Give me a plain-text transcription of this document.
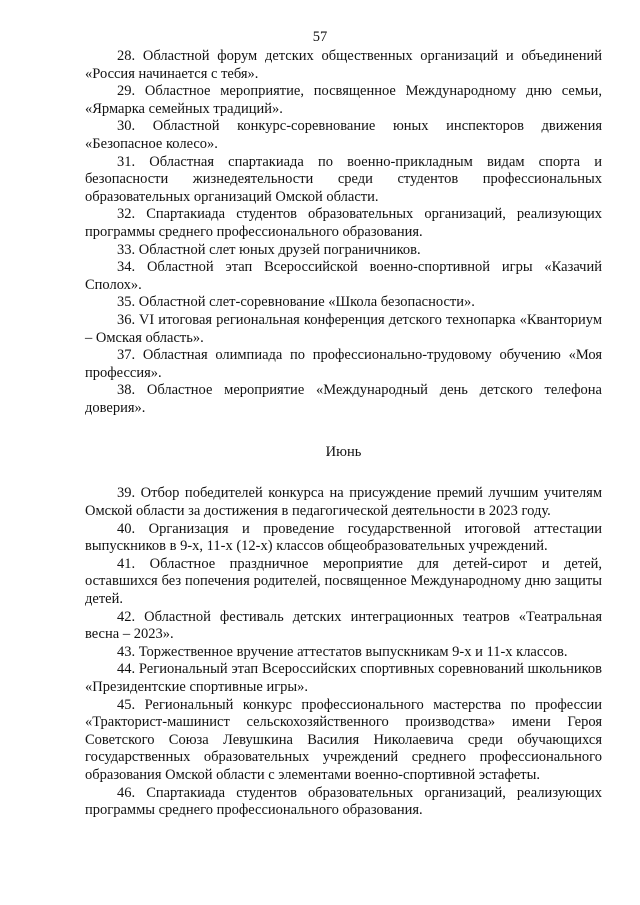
57

28. Областной форум детских общественных организаций и объединений «Россия начинается с тебя».

29. Областное мероприятие, посвященное Международному дню семьи, «Ярмарка семейных традиций».

30. Областной конкурс-соревнование юных инспекторов движения «Безопасное колесо».

31. Областная спартакиада по военно-прикладным видам спорта и безопасности жизнедеятельности среди студентов профессиональных образовательных организаций Омской области.

32. Спартакиада студентов образовательных организаций, реализующих программы среднего профессионального образования.

33. Областной слет юных друзей пограничников.

34. Областной этап Всероссийской военно-спортивной игры «Казачий Сполох».

35. Областной слет-соревнование «Школа безопасности».

36. VI итоговая региональная конференция детского технопарка «Кванториум – Омская область».

37. Областная олимпиада по профессионально-трудовому обучению «Моя профессия».

38. Областное мероприятие «Международный день детского телефона доверия».

Июнь

39. Отбор победителей конкурса на присуждение премий лучшим учителям Омской области за достижения в педагогической деятельности в 2023 году.

40. Организация и проведение государственной итоговой аттестации выпускников в 9-х, 11-х (12-х) классов общеобразовательных учреждений.

41. Областное праздничное мероприятие для детей-сирот и детей, оставшихся без попечения родителей, посвященное Международному дню защиты детей.

42. Областной фестиваль детских интеграционных театров «Театральная весна – 2023».

43. Торжественное вручение аттестатов выпускникам 9-х и 11-х классов.

44. Региональный этап Всероссийских спортивных соревнований школьников «Президентские спортивные игры».

45. Региональный конкурс профессионального мастерства по профессии «Тракторист-машинист сельскохозяйственного производства» имени Героя Советского Союза Левушкина Василия Николаевича среди обучающихся государственных образовательных учреждений среднего профессионального образования Омской области с элементами военно-спортивной эстафеты.

46. Спартакиада студентов образовательных организаций, реализующих программы среднего профессионального образования.
